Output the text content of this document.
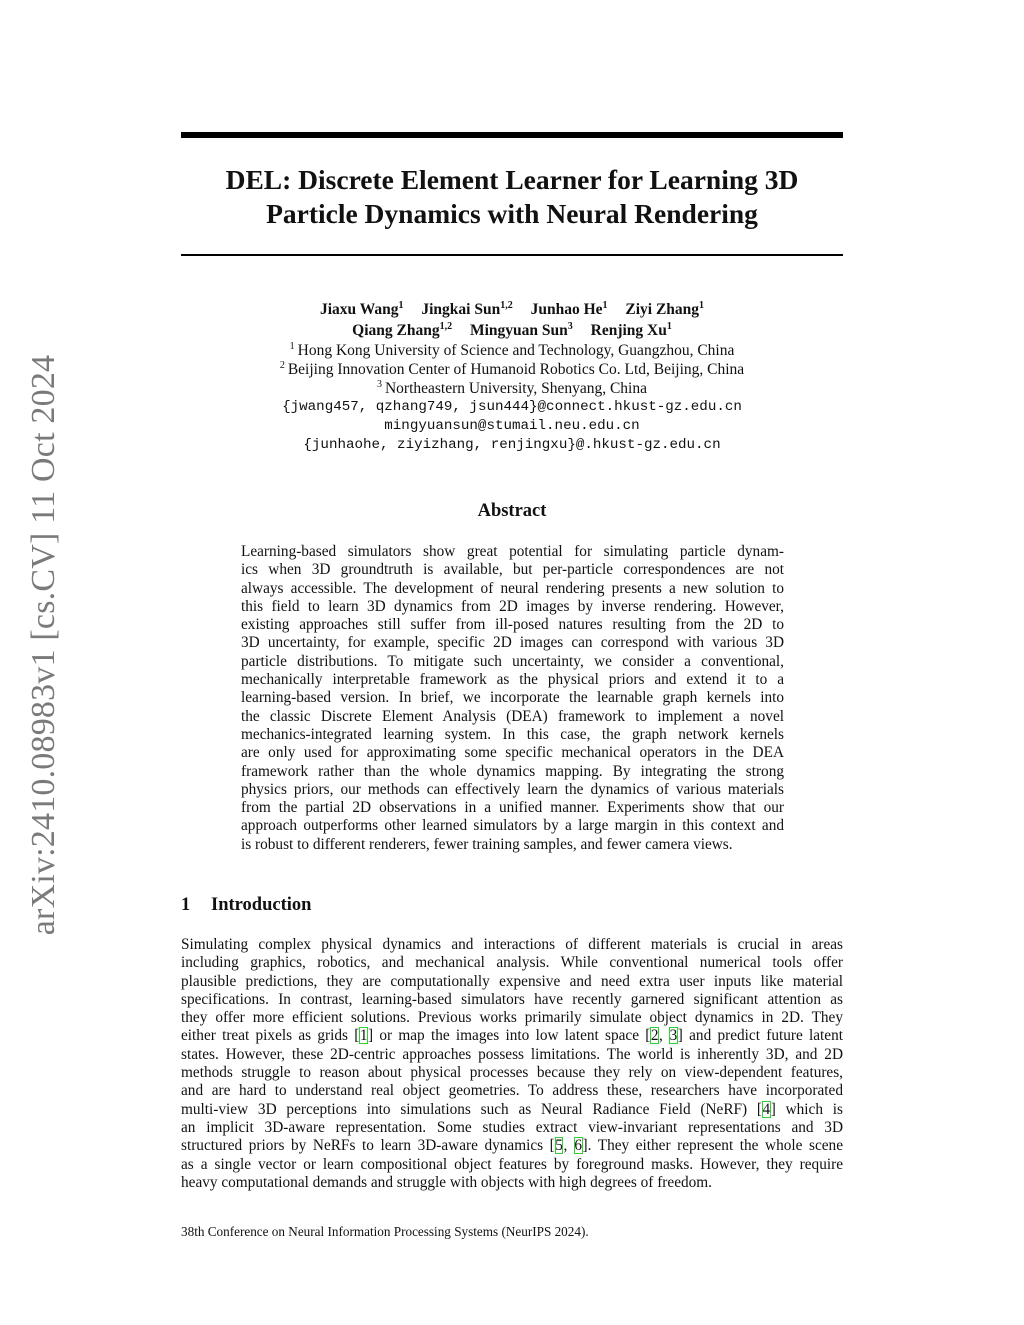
arXiv:2410.08983v1 [cs.CV] 11 Oct 2024
DEL: Discrete Element Learner for Learning 3D
Particle Dynamics with Neural Rendering
Jiaxu Wang$^1$ Jingkai Sun$^{1,2}$ Junhao He$^1$ Ziyi Zhang$^1$
Qiang Zhang$^{1,2}$ Mingyuan Sun$^3$ Renjing Xu$^1$
$^1$ Hong Kong University of Science and Technology, Guangzhou, China
$^2$ Beijing Innovation Center of Humanoid Robotics Co. Ltd, Beijing, China
$^3$ Northeastern University, Shenyang, China
{jwang457, qzhang749, jsun444}@connect.hkust-gz.edu.cn
mingyuansun@stumail.neu.edu.cn
{junhaohe, ziyizhang, renjingxu}@.hkust-gz.edu.cn
Abstract
Learning-based simulators show great potential for simulating particle dynam-
ics when 3D groundtruth is available, but per-particle correspondences are not
always accessible. The development of neural rendering presents a new solution to
this field to learn 3D dynamics from 2D images by inverse rendering. However,
existing approaches still suffer from ill-posed natures resulting from the 2D to
3D uncertainty, for example, specific 2D images can correspond with various 3D
particle distributions. To mitigate such uncertainty, we consider a conventional,
mechanically interpretable framework as the physical priors and extend it to a
learning-based version. In brief, we incorporate the learnable graph kernels into
the classic Discrete Element Analysis (DEA) framework to implement a novel
mechanics-integrated learning system. In this case, the graph network kernels
are only used for approximating some specific mechanical operators in the DEA
framework rather than the whole dynamics mapping. By integrating the strong
physics priors, our methods can effectively learn the dynamics of various materials
from the partial 2D observations in a unified manner. Experiments show that our
approach outperforms other learned simulators by a large margin in this context and
is robust to different renderers, fewer training samples, and fewer camera views.
1 Introduction
Simulating complex physical dynamics and interactions of different materials is crucial in areas
including graphics, robotics, and mechanical analysis. While conventional numerical tools offer
plausible predictions, they are computationally expensive and need extra user inputs like material
specifications. In contrast, learning-based simulators have recently garnered significant attention as
they offer more efficient solutions. Previous works primarily simulate object dynamics in 2D. They
either treat pixels as grids [1] or map the images into low latent space [2, 3] and predict future latent
states. However, these 2D-centric approaches possess limitations. The world is inherently 3D, and 2D
methods struggle to reason about physical processes because they rely on view-dependent features,
and are hard to understand real object geometries. To address these, researchers have incorporated
multi-view 3D perceptions into simulations such as Neural Radiance Field (NeRF) [4] which is
an implicit 3D-aware representation. Some studies extract view-invariant representations and 3D
structured priors by NeRFs to learn 3D-aware dynamics [5, 6]. They either represent the whole scene
as a single vector or learn compositional object features by foreground masks. However, they require
heavy computational demands and struggle with objects with high degrees of freedom.
38th Conference on Neural Information Processing Systems (NeurIPS 2024).
